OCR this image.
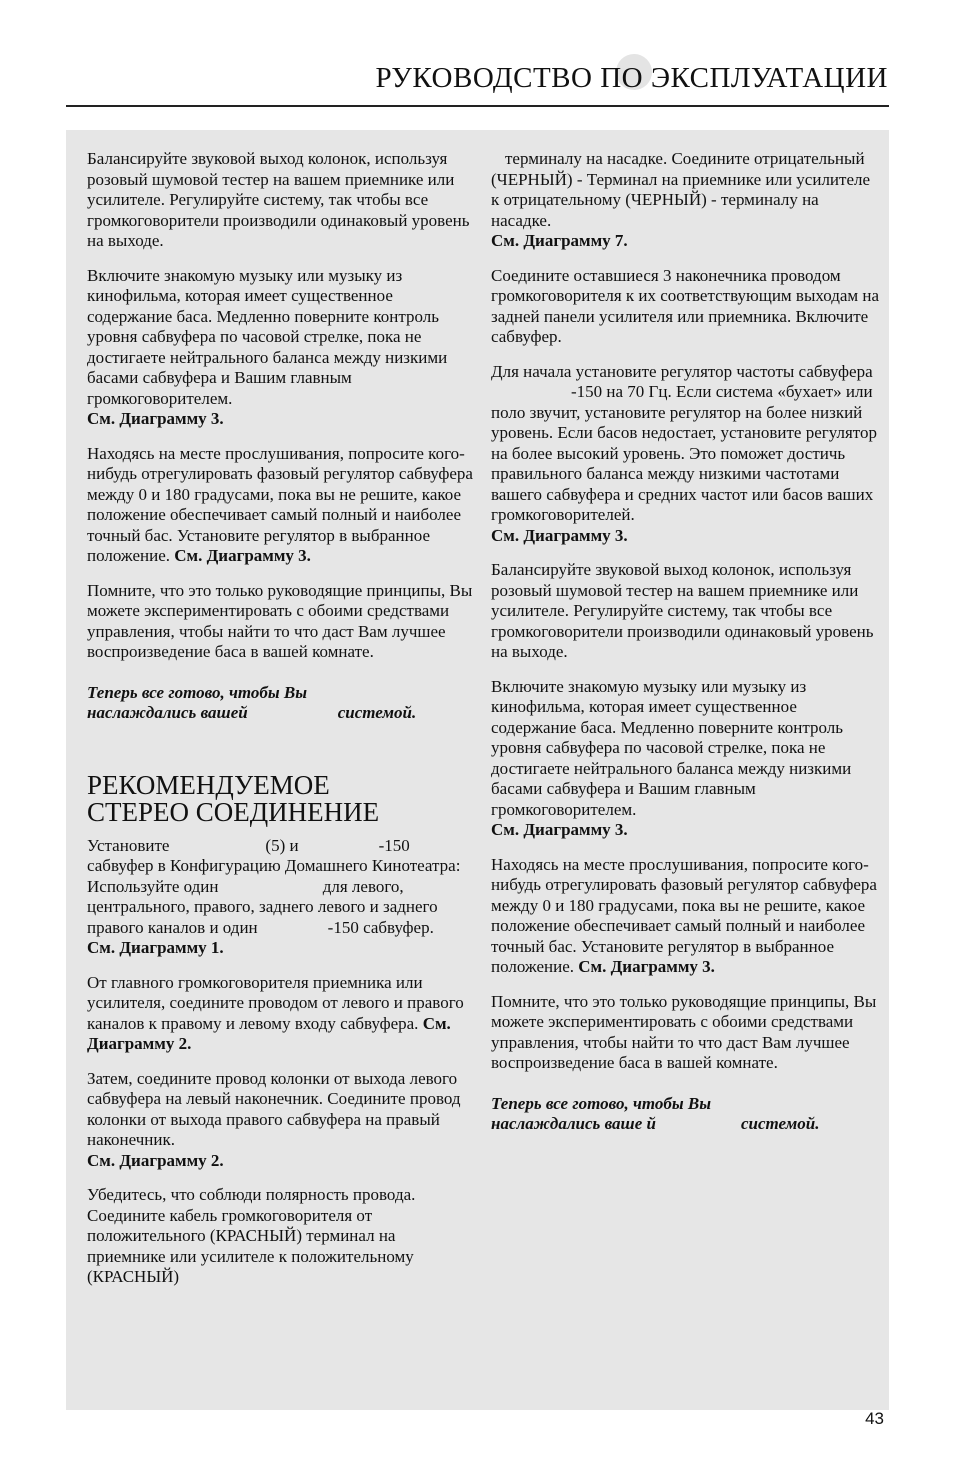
РУКОВОДСТВО ПО ЭКСПЛУАТАЦИИ

Балансируйте звуковой выход колонок, используя розовый шумовой тестер на вашем приемнике или усилителе. Регулируйте систему, так чтобы все громкоговорители производили одинаковый уровень на выходе.

Включите знакомую музыку или музыку из кинофильма, которая имеет существенное содержание баса. Медленно поверните контроль уровня сабвуфера по часовой стрелке, пока не достигаете нейтрального баланса между низкими басами сабвуфера и Вашим главным громкоговорителем.
См. Диаграмму 3.

Находясь на месте прослушивания, попросите кого-нибудь отрегулировать фазовый регулятор сабвуфера между 0 и 180 градусами, пока вы не решите, какое положение обеспечивает самый полный и наиболее точный бас. Установите регулятор в выбранное положение. См. Диаграмму 3.

Помните, что это только руководящие принципы, Вы можете экспериментировать с обоими средствами управления, чтобы найти то что даст Вам лучшее воспроизведение баса в вашей комнате.

Теперь все готово, чтобы Вы
наслаждались вашей	системой.

РЕКОМЕНДУЕМОЕ
СТЕРЕО СОЕДИНЕНИЕ

Установите	(5) и	-150 сабвуфер в Конфигурацию Домашнего Кинотеатра: Используйте один	для левого, центрального, правого, заднего левого и заднего правого каналов и один	-150 сабвуфер.
См. Диаграмму 1.

От главного громкоговорителя приемника или усилителя, соедините проводом от левого и правого каналов к правому и левому входу сабвуфера. См. Диаграмму 2.

Затем, соедините провод колонки от выхода левого сабвуфера на левый наконечник. Соедините провод колонки от выхода правого сабвуфера на правый наконечник.
См. Диаграмму 2.

Убедитесь, что соблюди полярность провода. Соедините кабель громкоговорителя от положительного (КРАСНЫЙ) терминал на приемнике или усилителе к положительному (КРАСНЫЙ)

терминалу на насадке. Соедините отрицательный (ЧЕРНЫЙ) - Терминал на приемнике или усилителе к отрицательному (ЧЕРНЫЙ) - терминалу на насадке.
См. Диаграмму 7.

Соедините оставшиеся 3 наконечника проводом громкоговорителя к их соответствующим выходам на задней панели усилителя или приемника. Включите сабвуфер.

Для начала установите регулятор частоты сабвуфера-150 на 70 Гц. Если система «бухает» или поло звучит, установите регулятор на более низкий уровень. Если басов недостает, установите регулятор на более высокий уровень. Это поможет достичь правильного баланса между низкими частотами вашего сабвуфера и средних частот или басов ваших громкоговорителей.
См. Диаграмму 3.

Балансируйте звуковой выход колонок, используя розовый шумовой тестер на вашем приемнике или усилителе. Регулируйте систему, так чтобы все громкоговорители производили одинаковый уровень на выходе.

Включите знакомую музыку или музыку из кинофильма, которая имеет существенное содержание баса. Медленно поверните контроль уровня сабвуфера по часовой стрелке, пока не достигаете нейтрального баланса между низкими басами сабвуфера и Вашим главным громкоговорителем.
См. Диаграмму 3.

Находясь на месте прослушивания, попросите кого-нибудь отрегулировать фазовый регулятор сабвуфера между 0 и 180 градусами, пока вы не решите, какое положение обеспечивает самый полный и наиболее точный бас. Установите регулятор в выбранное положение. См. Диаграмму 3.

Помните, что это только руководящие принципы, Вы можете экспериментировать с обоими средствами управления, чтобы найти то что даст Вам лучшее воспроизведение баса в вашей комнате.

Теперь все готово, чтобы Вы
наслаждались ваше й	системой.

43
